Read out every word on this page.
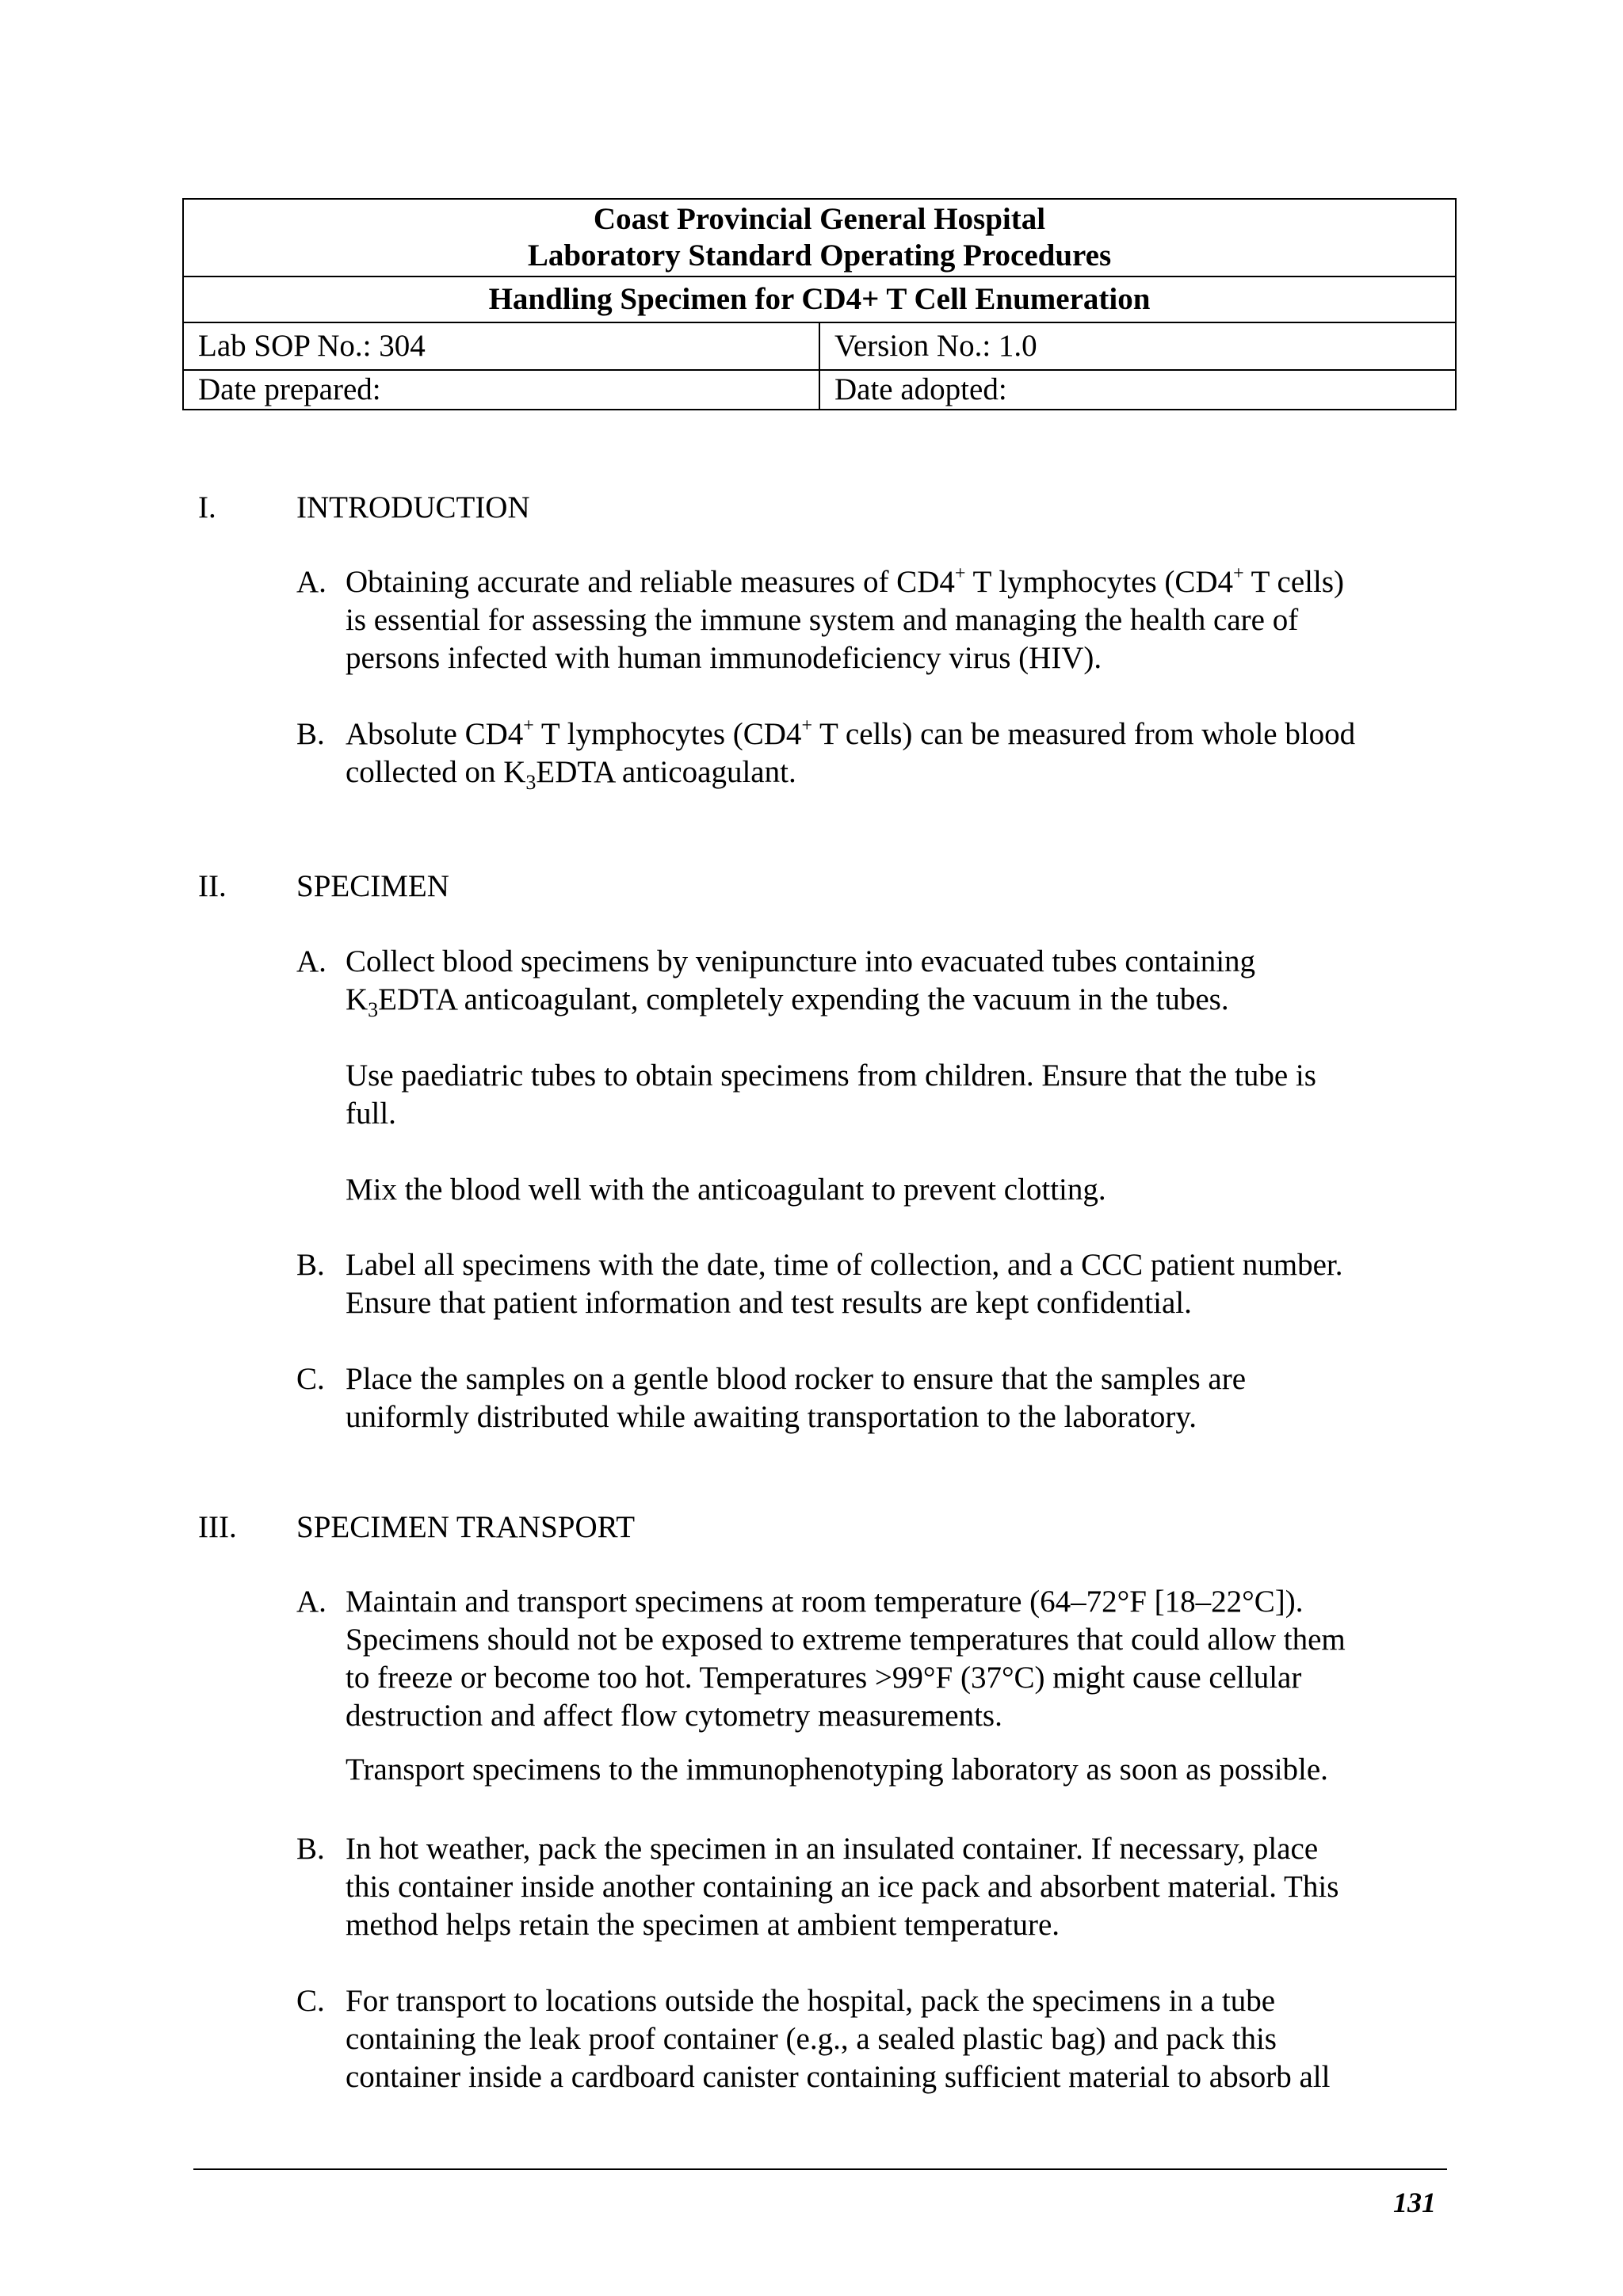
Coast Provincial General Hospital
Laboratory Standard Operating Procedures	

Handling Specimen for CD4+ T Cell Enumeration	
Lab SOP No.: 304	Version No.: 1.0
Date prepared:	Date adopted:
I.	INTRODUCTION
A. Obtaining accurate and reliable measures of CD4+ T lymphocytes (CD4+ T cells)
is essential for assessing the immune system and managing the health care of
persons infected with human immunodeficiency virus (HIV).
B. Absolute CD4+ T lymphocytes (CD4+ T cells) can be measured from whole blood
collected on $K_3EDTA$ anticoagulant.
II. SPECIMEN
A. Collect blood specimens by venipuncture into evacuated tubes containing
$K_3EDTA$ anticoagulant, completely expending the vacuum in the tubes.
Use paediatric tubes to obtain specimens from children. Ensure that the tube is
full.
Mix the blood well with the anticoagulant to prevent clotting.
B. Label all specimens with the date, time of collection, and a CCC patient number.
Ensure that patient information and test results are kept confidential.
C. Place the samples on a gentle blood rocker to ensure that the samples are
uniformly distributed while awaiting transportation to the laboratory.
III. SPECIMEN TRANSPORT
A. Maintain and transport specimens at room temperature (64–72°F [18–22°C]).
Specimens should not be exposed to extreme temperatures that could allow them
to freeze or become too hot. Temperatures >99°F (37°C) might cause cellular
destruction and affect flow cytometry measurements.
Transport specimens to the immunophenotyping laboratory as soon as possible.
B. In hot weather, pack the specimen in an insulated container. If necessary, place
this container inside another containing an ice pack and absorbent material. This
method helps retain the specimen at ambient temperature.
C. For transport to locations outside the hospital, pack the specimens in a tube
containing the leak proof container (e.g., a sealed plastic bag) and pack this
container inside a cardboard canister containing sufficient material to absorb all
131
